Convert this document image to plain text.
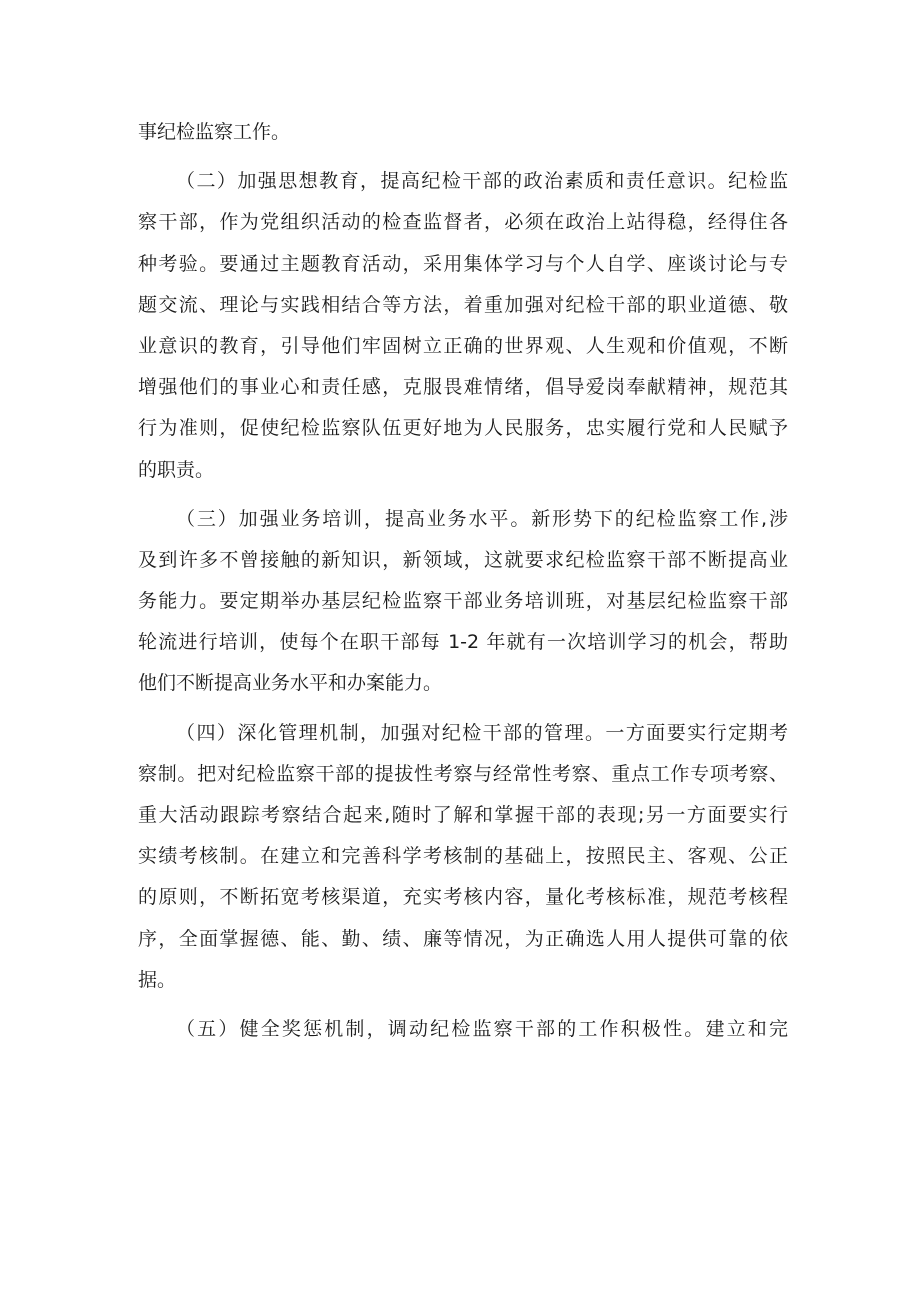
事纪检监察工作。
（二）加强思想教育，提高纪检干部的政治素质和责任意识。纪检监
察干部，作为党组织活动的检查监督者，必须在政治上站得稳，经得住各
种考验。要通过主题教育活动，采用集体学习与个人自学、座谈讨论与专
题交流、理论与实践相结合等方法，着重加强对纪检干部的职业道德、敬
业意识的教育，引导他们牢固树立正确的世界观、人生观和价值观，不断
增强他们的事业心和责任感，克服畏难情绪，倡导爱岗奉献精神，规范其
行为准则，促使纪检监察队伍更好地为人民服务，忠实履行党和人民赋予
的职责。
（三）加强业务培训，提高业务水平。新形势下的纪检监察工作,涉
及到许多不曾接触的新知识，新领域，这就要求纪检监察干部不断提高业
务能力。要定期举办基层纪检监察干部业务培训班，对基层纪检监察干部
轮流进行培训，使每个在职干部每 1-2 年就有一次培训学习的机会，帮助
他们不断提高业务水平和办案能力。
（四）深化管理机制，加强对纪检干部的管理。一方面要实行定期考
察制。把对纪检监察干部的提拔性考察与经常性考察、重点工作专项考察、
重大活动跟踪考察结合起来,随时了解和掌握干部的表现;另一方面要实行
实绩考核制。在建立和完善科学考核制的基础上，按照民主、客观、公正
的原则，不断拓宽考核渠道，充实考核内容，量化考核标准，规范考核程
序，全面掌握德、能、勤、绩、廉等情况，为正确选人用人提供可靠的依
据。
（五）健全奖惩机制，调动纪检监察干部的工作积极性。建立和完
